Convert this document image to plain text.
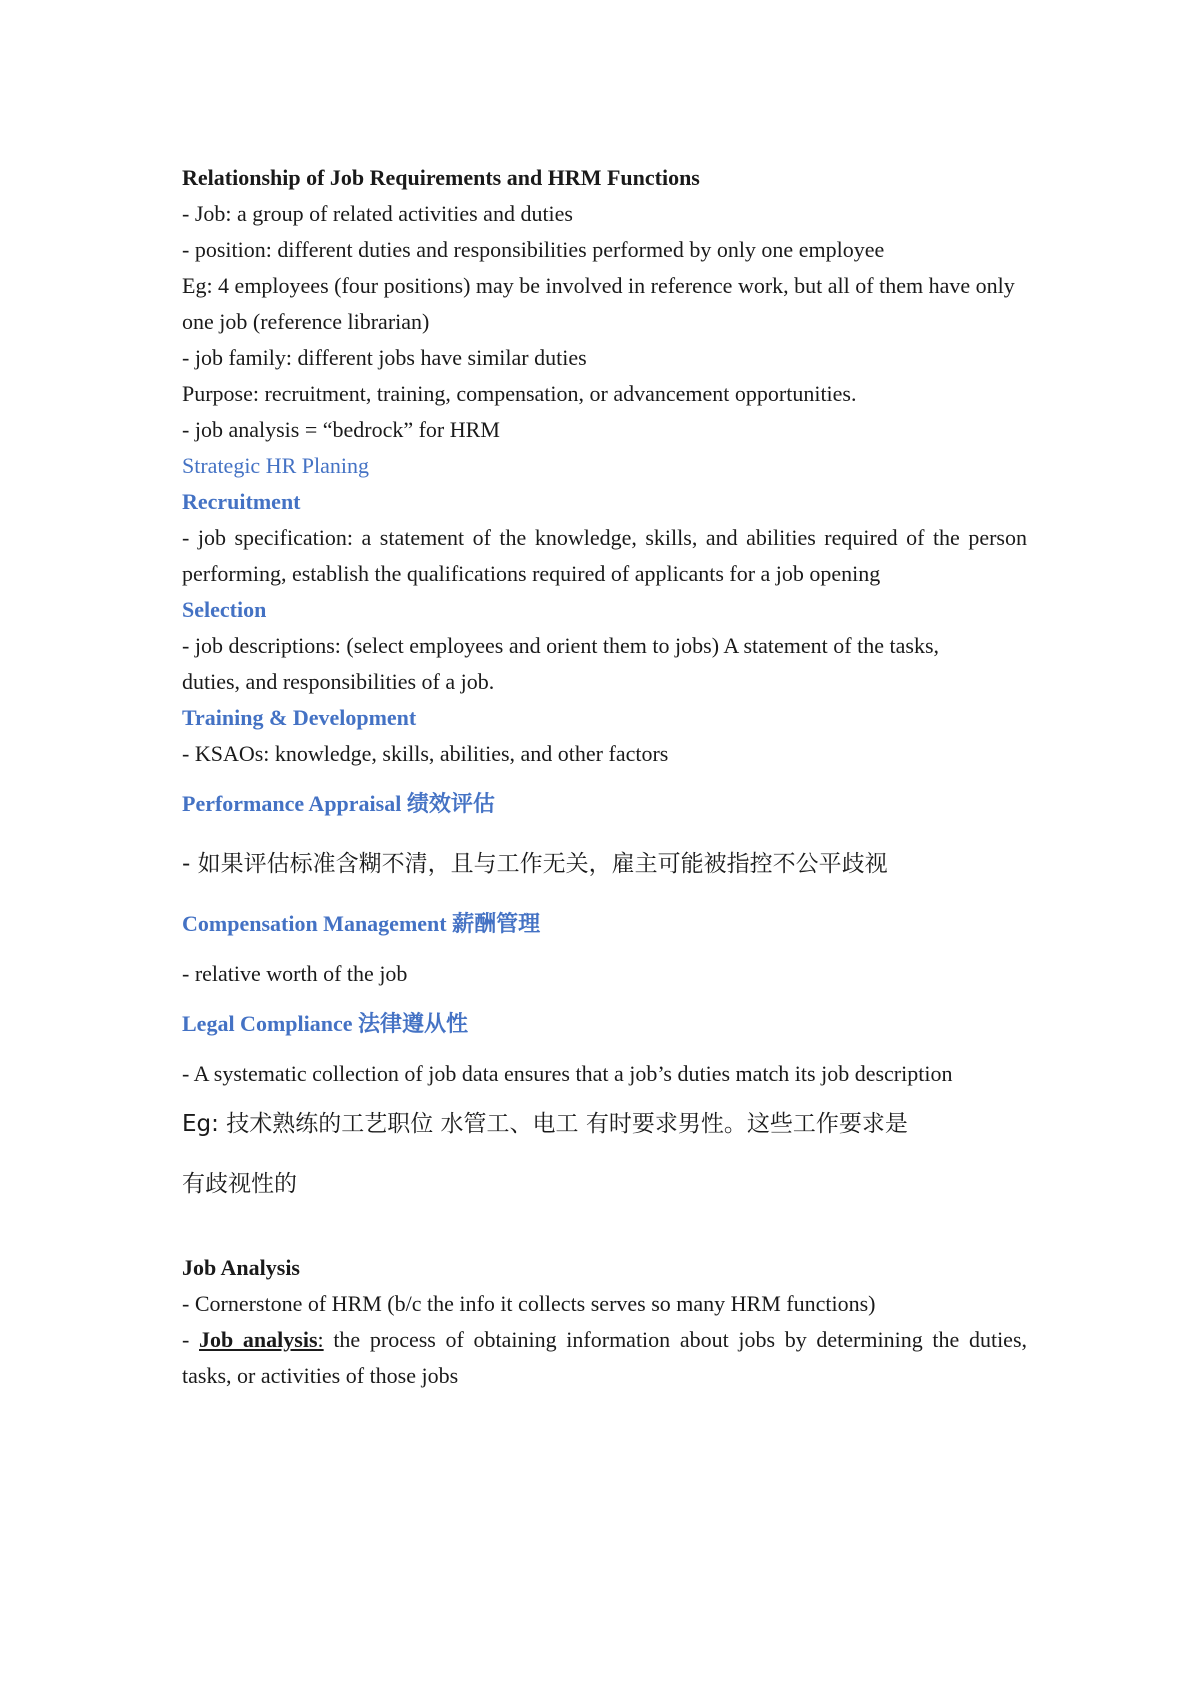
Relationship of Job Requirements and HRM Functions

- Job: a group of related activities and duties

- position: different duties and responsibilities performed by only one employee

Eg: 4 employees (four positions) may be involved in reference work, but all of them have only one job (reference librarian)

- job family: different jobs have similar duties

Purpose: recruitment, training, compensation, or advancement opportunities.

- job analysis = “bedrock” for HRM

Strategic HR Planing

Recruitment

- job specification: a statement of the knowledge, skills, and abilities required of the person performing, establish the qualifications required of applicants for a job opening

Selection

- job descriptions: (select employees and orient them to jobs) A statement of the tasks,

duties, and responsibilities of a job.

Training & Development

- KSAOs: knowledge, skills, abilities, and other factors

Performance Appraisal 绩效评估

- 如果评估标准含糊不清，且与工作无关，雇主可能被指控不公平歧视

Compensation Management 薪酬管理

- relative worth of the job

Legal Compliance 法律遵从性

- A systematic collection of job data ensures that a job’s duties match its job description

Eg: 技术熟练的工艺职位 水管工、电工 有时要求男性。这些工作要求是

有歧视性的

Job Analysis

- Cornerstone of HRM (b/c the info it collects serves so many HRM functions)

- Job analysis: the process of obtaining information about jobs by determining the duties, tasks, or activities of those jobs
